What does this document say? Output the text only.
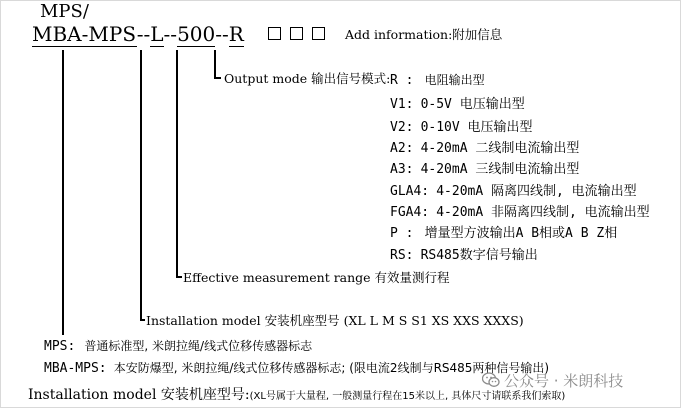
MPS/
MBA-MPS--L--500--R	Add information:附加信息
Output mode 输出信号模式: R : 电阻输出型
V1: 0-5V 电压输出型
V2: 0-10V 电压输出型
A2: 4-20mA 二线制电流输出型
A3: 4-20mA 三线制电流输出型
GLA4: 4-20mA 隔离四线制, 电流输出型
FGA4: 4-20mA 非隔离四线制, 电流输出型
P : 增量型方波输出A B相或A B Z相
RS: RS485数字信号输出
Effective measurement range 有效量测行程
Installation model 安装机座型号 (XL L M S S1 XS XXS XXXS)
MPS: 普通标准型, 米朗拉绳/线式位移传感器标志
MBA-MPS: 本安防爆型, 米朗拉绳/线式位移传感器标志; (限电流2线制与RS485两种信号输出)
Installation model 安装机座型号:(XL号属于大量程, 一般测量行程在15米以上, 具体尺寸请联系我们索取)
公众号 · 米朗科技
